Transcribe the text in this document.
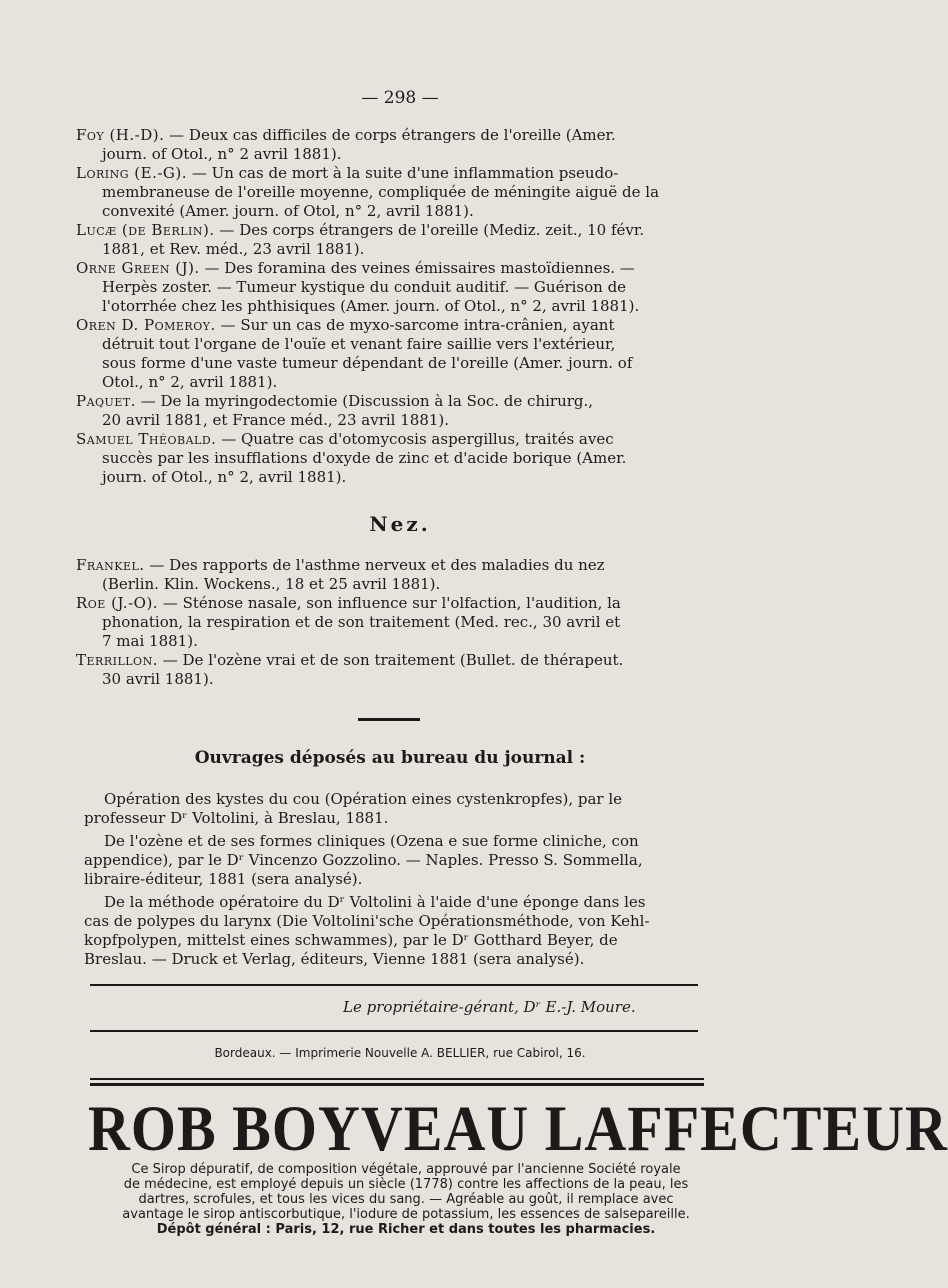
— 298 —
Foy (H.-D). — Deux cas difficiles de corps étrangers de l'oreille (Amer.
journ. of Otol., n° 2 avril 1881).
Loring (E.-G). — Un cas de mort à la suite d'une inflammation pseudo-
membraneuse de l'oreille moyenne, compliquée de méningite aiguë de la
convexité (Amer. journ. of Otol, n° 2, avril 1881).
Lucæ (de Berlin). — Des corps étrangers de l'oreille (Mediz. zeit., 10 févr.
1881, et Rev. méd., 23 avril 1881).
Orne Green (J). — Des foramina des veines émissaires mastoïdiennes. —
Herpès zoster. — Tumeur kystique du conduit auditif. — Guérison de
l'otorrhée chez les phthisiques (Amer. journ. of Otol., n° 2, avril 1881).
Oren D. Pomeroy. — Sur un cas de myxo-sarcome intra-crânien, ayant
détruit tout l'organe de l'ouïe et venant faire saillie vers l'extérieur,
sous forme d'une vaste tumeur dépendant de l'oreille (Amer. journ. of
Otol., n° 2, avril 1881).
Paquet. — De la myringodectomie (Discussion à la Soc. de chirurg.,
20 avril 1881, et France méd., 23 avril 1881).
Samuel Théobald. — Quatre cas d'otomycosis aspergillus, traités avec
succès par les insufflations d'oxyde de zinc et d'acide borique (Amer.
journ. of Otol., n° 2, avril 1881).
Nez.
Frankel. — Des rapports de l'asthme nerveux et des maladies du nez
(Berlin. Klin. Wockens., 18 et 25 avril 1881).
Roe (J.-O). — Sténose nasale, son influence sur l'olfaction, l'audition, la
phonation, la respiration et de son traitement (Med. rec., 30 avril et
7 mai 1881).
Terrillon. — De l'ozène vrai et de son traitement (Bullet. de thérapeut.
30 avril 1881).
Ouvrages déposés au bureau du journal :
Opération des kystes du cou (Opération eines cystenkropfes), par le
professeur Dʳ Voltolini, à Breslau, 1881.
De l'ozène et de ses formes cliniques (Ozena e sue forme cliniche, con
appendice), par le Dʳ Vincenzo Gozzolino. — Naples. Presso S. Sommella,
libraire-éditeur, 1881 (sera analysé).
De la méthode opératoire du Dʳ Voltolini à l'aide d'une éponge dans les
cas de polypes du larynx (Die Voltolini'sche Opérationsméthode, von Kehl-
kopfpolypen, mittelst eines schwammes), par le Dʳ Gotthard Beyer, de
Breslau. — Druck et Verlag, éditeurs, Vienne 1881 (sera analysé).
Le propriétaire-gérant, Dʳ E.-J. Moure.
Bordeaux. — Imprimerie Nouvelle A. BELLIER, rue Cabirol, 16.
ROB BOYVEAU LAFFECTEUR
Ce Sirop dépuratif, de composition végétale, approuvé par l'ancienne Société royale
de médecine, est employé depuis un siècle (1778) contre les affections de la peau, les
dartres, scrofules, et tous les vices du sang. — Agréable au goût, il remplace avec
avantage le sirop antiscorbutique, l'iodure de potassium, les essences de salsepareille.
Dépôt général : Paris, 12, rue Richer et dans toutes les pharmacies.
